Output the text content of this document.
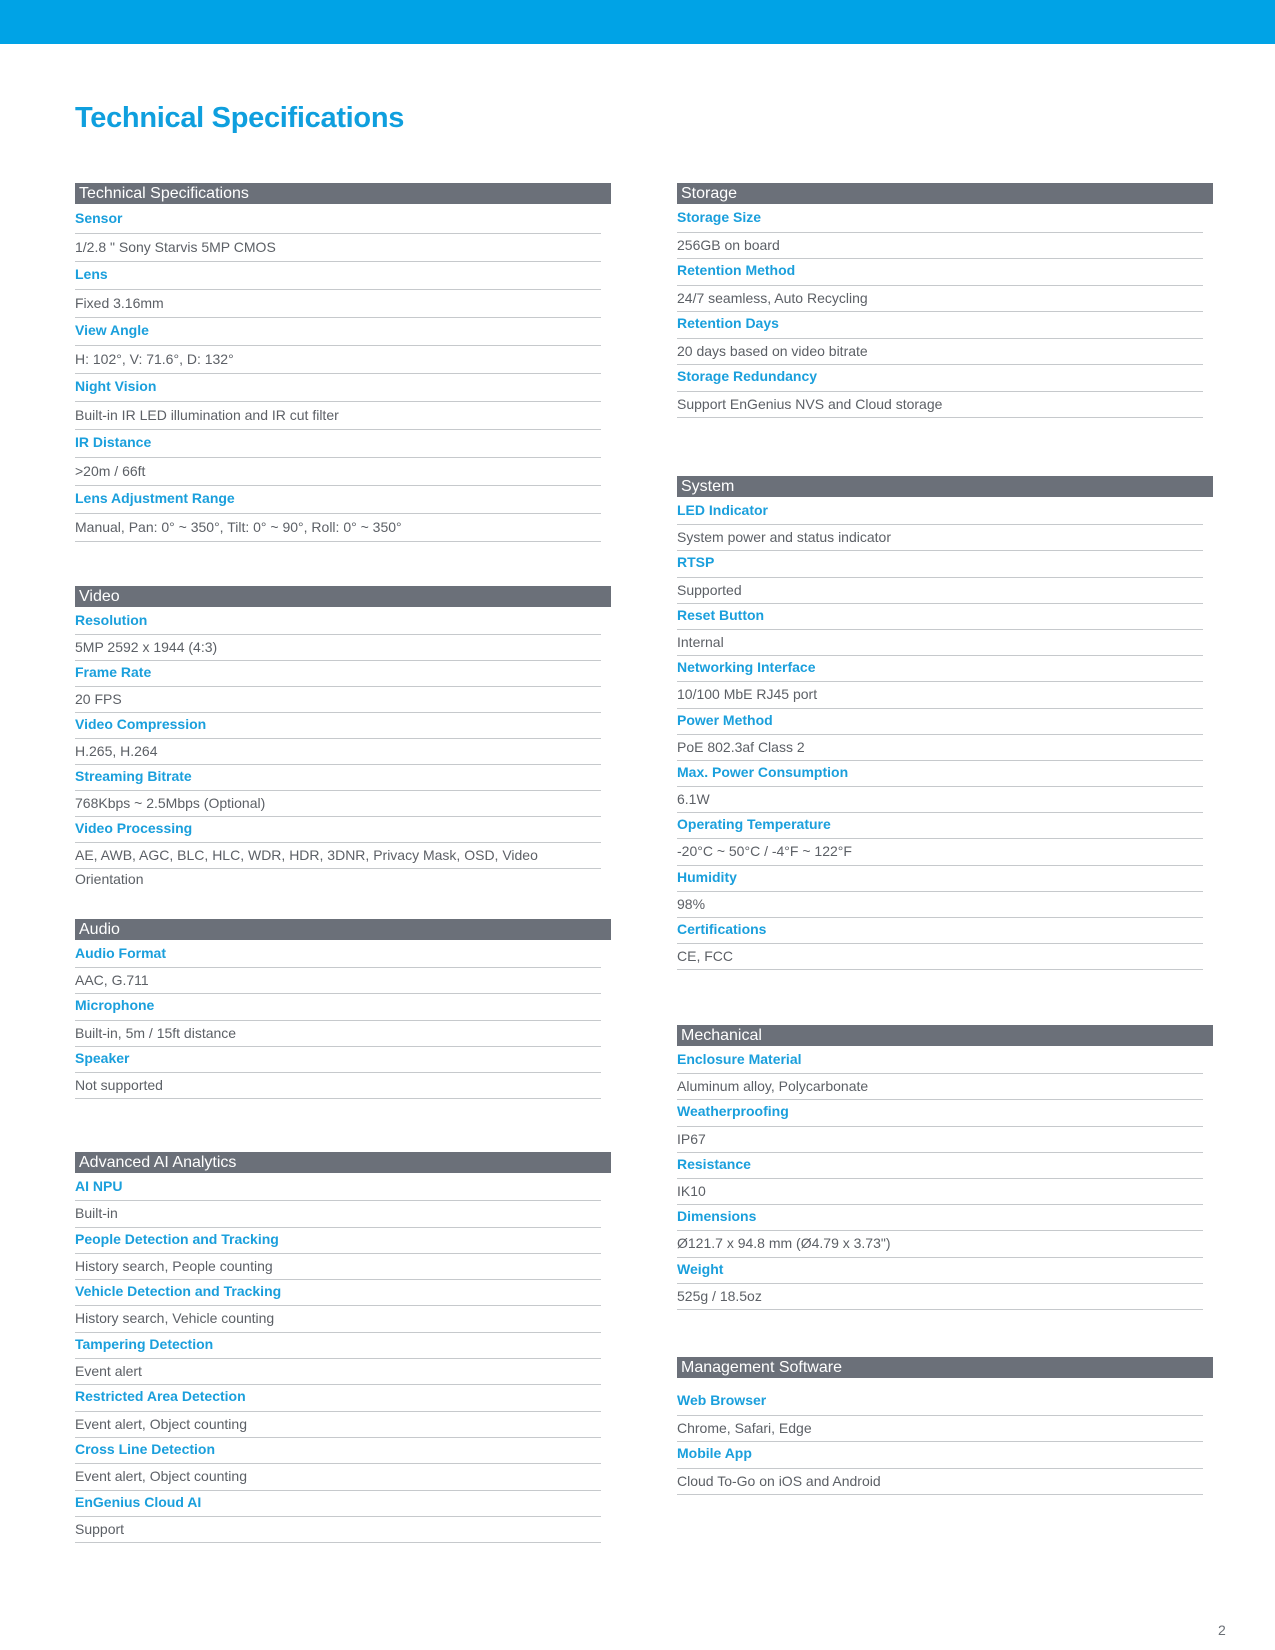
Technical Specifications
Technical Specifications
Sensor
1/2.8 " Sony Starvis 5MP CMOS
Lens
Fixed 3.16mm
View Angle
H: 102°, V: 71.6°, D: 132°
Night Vision
Built-in IR LED illumination and IR cut filter
IR Distance
>20m / 66ft
Lens Adjustment Range
Manual, Pan: 0° ~ 350°, Tilt: 0° ~ 90°, Roll: 0° ~ 350°
Video
Resolution
5MP 2592 x 1944 (4:3)
Frame Rate
20 FPS
Video Compression
H.265, H.264
Streaming Bitrate
768Kbps ~ 2.5Mbps (Optional)
Video Processing
AE, AWB, AGC, BLC, HLC, WDR, HDR, 3DNR, Privacy Mask, OSD, Video Orientation
Audio
Audio Format
AAC, G.711
Microphone
Built-in, 5m / 15ft distance
Speaker
Not supported
Advanced AI Analytics
AI NPU
Built-in
People Detection and Tracking
History search, People counting
Vehicle Detection and Tracking
History search, Vehicle counting
Tampering Detection
Event alert
Restricted Area Detection
Event alert, Object counting
Cross Line Detection
Event alert, Object counting
EnGenius Cloud AI
Support
Storage
Storage Size
256GB on board
Retention Method
24/7 seamless, Auto Recycling
Retention Days
20 days based on video bitrate
Storage Redundancy
Support EnGenius NVS and Cloud storage
System
LED Indicator
System power and status indicator
RTSP
Supported
Reset Button
Internal
Networking Interface
10/100 MbE RJ45 port
Power Method
PoE 802.3af Class 2
Max. Power Consumption
6.1W
Operating Temperature
-20°C ~ 50°C / -4°F ~ 122°F
Humidity
98%
Certifications
CE, FCC
Mechanical
Enclosure Material
Aluminum alloy, Polycarbonate
Weatherproofing
IP67
Resistance
IK10
Dimensions
Ø121.7 x 94.8 mm (Ø4.79 x 3.73")
Weight
525g / 18.5oz
Management Software
Web Browser
Chrome, Safari, Edge
Mobile App
Cloud To-Go on iOS and Android
2
